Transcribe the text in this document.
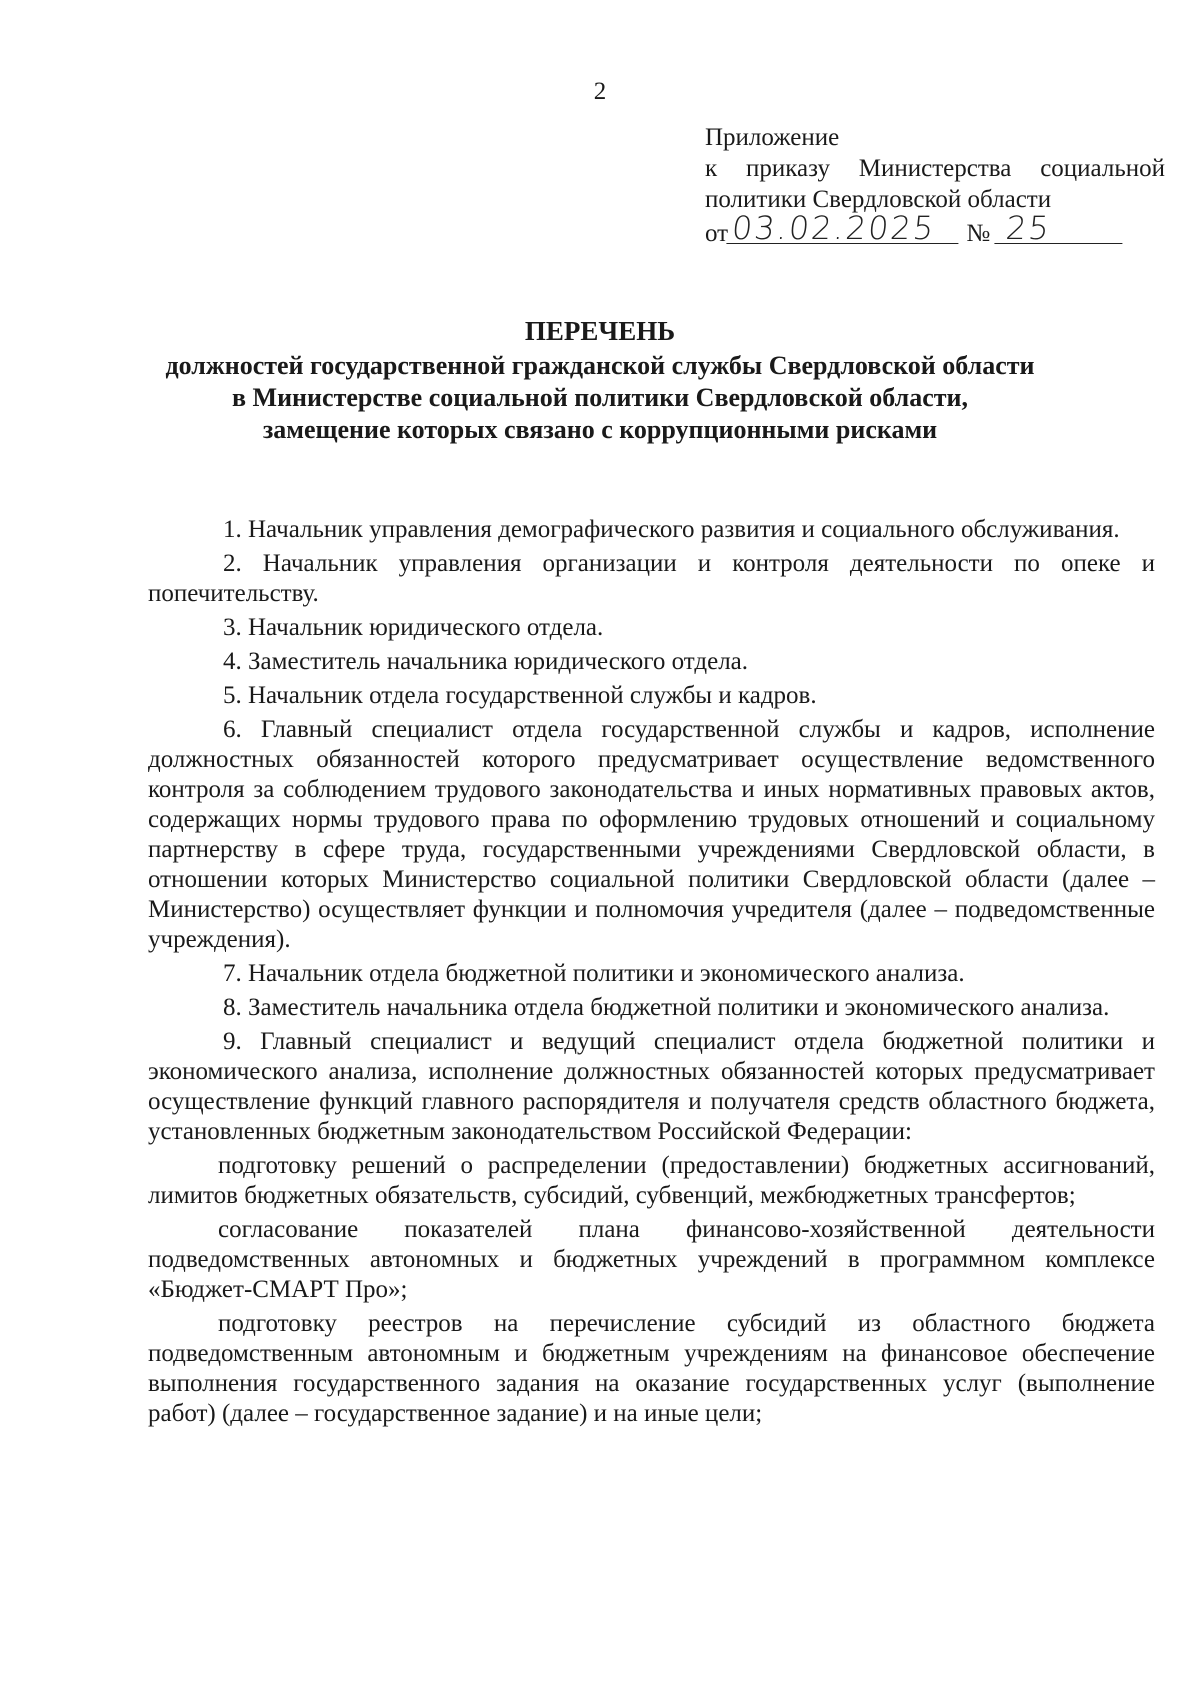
2
Приложение
к приказу Министерства социальной
политики Свердловской области
от03.02.2025 № 25
ПЕРЕЧЕНЬ
должностей государственной гражданской службы Свердловской области
в Министерстве социальной политики Свердловской области,
замещение которых связано с коррупционными рисками

1. Начальник управления демографического развития и социального обслуживания.

2. Начальник управления организации и контроля деятельности по опеке и попечительству.

3. Начальник юридического отдела.

4. Заместитель начальника юридического отдела.

5. Начальник отдела государственной службы и кадров.

6. Главный специалист отдела государственной службы и кадров, исполнение должностных обязанностей которого предусматривает осуществление ведомственного контроля за соблюдением трудового законодательства и иных нормативных правовых актов, содержащих нормы трудового права по оформлению трудовых отношений и социальному партнерству в сфере труда, государственными учреждениями Свердловской области, в отношении которых Министерство социальной политики Свердловской области (далее – Министерство) осуществляет функции и полномочия учредителя (далее – подведомственные учреждения).

7. Начальник отдела бюджетной политики и экономического анализа.

8. Заместитель начальника отдела бюджетной политики и экономического анализа.

9. Главный специалист и ведущий специалист отдела бюджетной политики и экономического анализа, исполнение должностных обязанностей которых предусматривает осуществление функций главного распорядителя и получателя средств областного бюджета, установленных бюджетным законодательством Российской Федерации:

подготовку решений о распределении (предоставлении) бюджетных ассигнований, лимитов бюджетных обязательств, субсидий, субвенций, межбюджетных трансфертов;

согласование показателей плана финансово-хозяйственной деятельности подведомственных автономных и бюджетных учреждений в программном комплексе «Бюджет-СМАРТ Про»;

подготовку реестров на перечисление субсидий из областного бюджета подведомственным автономным и бюджетным учреждениям на финансовое обеспечение выполнения государственного задания на оказание государственных услуг (выполнение работ) (далее – государственное задание) и на иные цели;
